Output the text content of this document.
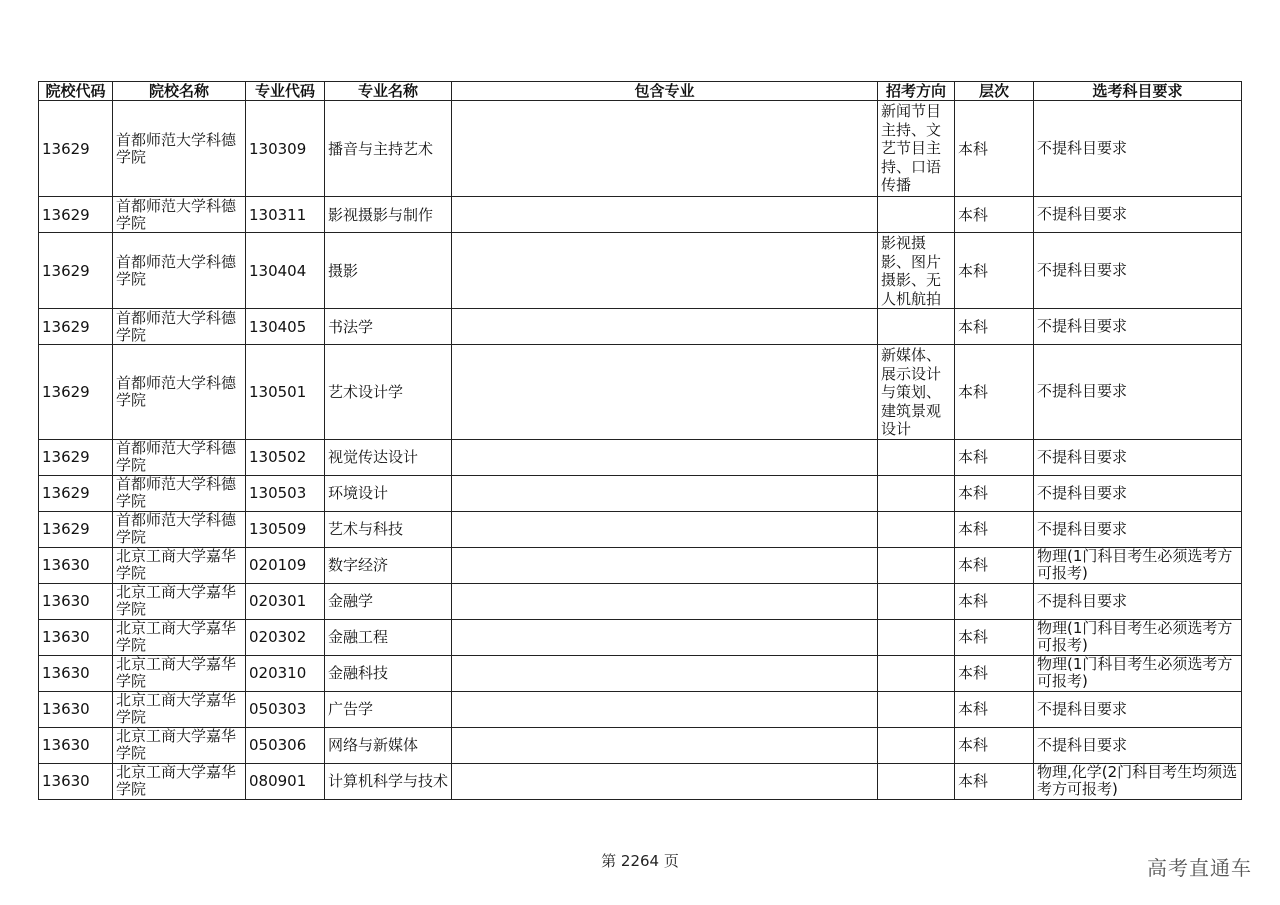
院校代码	院校名称	专业代码	专业名称	包含专业	招考方向	层次	选考科目要求
13629	首都师范大学科德学院	130309	播音与主持艺术		新闻节目主持、文艺节目主持、口语传播	本科	不提科目要求
13629	首都师范大学科德学院	130311	影视摄影与制作			本科	不提科目要求
13629	首都师范大学科德学院	130404	摄影		影视摄影、图片摄影、无人机航拍	本科	不提科目要求
13629	首都师范大学科德学院	130405	书法学			本科	不提科目要求
13629	首都师范大学科德学院	130501	艺术设计学		新媒体、展示设计与策划、建筑景观设计	本科	不提科目要求
13629	首都师范大学科德学院	130502	视觉传达设计			本科	不提科目要求
13629	首都师范大学科德学院	130503	环境设计			本科	不提科目要求
13629	首都师范大学科德学院	130509	艺术与科技			本科	不提科目要求
13630	北京工商大学嘉华学院	020109	数字经济			本科	物理(1门科目考生必须选考方可报考)
13630	北京工商大学嘉华学院	020301	金融学			本科	不提科目要求
13630	北京工商大学嘉华学院	020302	金融工程			本科	物理(1门科目考生必须选考方可报考)
13630	北京工商大学嘉华学院	020310	金融科技			本科	物理(1门科目考生必须选考方可报考)
13630	北京工商大学嘉华学院	050303	广告学			本科	不提科目要求
13630	北京工商大学嘉华学院	050306	网络与新媒体			本科	不提科目要求
13630	北京工商大学嘉华学院	080901	计算机科学与技术			本科	物理,化学(2门科目考生均须选考方可报考)
第 2264 页	高考直通车
